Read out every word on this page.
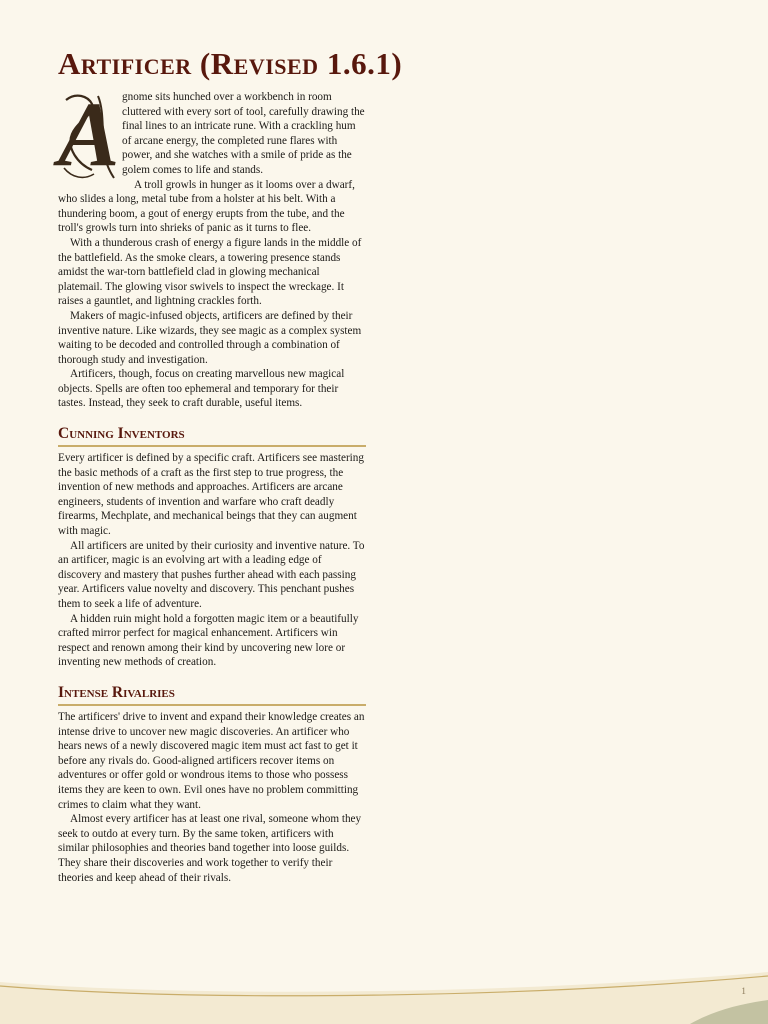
Artificer (Revised 1.6.1)
A gnome sits hunched over a workbench in room cluttered with every sort of tool, carefully drawing the final lines to an intricate rune. With a crackling hum of arcane energy, the completed rune flares with power, and she watches with a smile of pride as the golem comes to life and stands.

A troll growls in hunger as it looms over a dwarf, who slides a long, metal tube from a holster at his belt. With a thundering boom, a gout of energy erupts from the tube, and the troll's growls turn into shrieks of panic as it turns to flee.

With a thunderous crash of energy a figure lands in the middle of the battlefield. As the smoke clears, a towering presence stands amidst the war-torn battlefield clad in glowing mechanical platemail. The glowing visor swivels to inspect the wreckage. It raises a gauntlet, and lightning crackles forth.

Makers of magic-infused objects, artificers are defined by their inventive nature. Like wizards, they see magic as a complex system waiting to be decoded and controlled through a combination of thorough study and investigation.

Artificers, though, focus on creating marvellous new magical objects. Spells are often too ephemeral and temporary for their tastes. Instead, they seek to craft durable, useful items.

Cunning Inventors

Every artificer is defined by a specific craft. Artificers see mastering the basic methods of a craft as the first step to true progress, the invention of new methods and approaches. Artificers are arcane engineers, students of invention and warfare who craft deadly firearms, Mechplate, and mechanical beings that they can augment with magic.

All artificers are united by their curiosity and inventive nature. To an artificer, magic is an evolving art with a leading edge of discovery and mastery that pushes further ahead with each passing year. Artificers value novelty and discovery. This penchant pushes them to seek a life of adventure.

A hidden ruin might hold a forgotten magic item or a beautifully crafted mirror perfect for magical enhancement. Artificers win respect and renown among their kind by uncovering new lore or inventing new methods of creation.

Intense Rivalries

The artificers' drive to invent and expand their knowledge creates an intense drive to uncover new magic discoveries. An artificer who hears news of a newly discovered magic item must act fast to get it before any rivals do. Good-aligned artificers recover items on adventures or offer gold or wondrous items to those who possess items they are keen to own. Evil ones have no problem committing crimes to claim what they want.

Almost every artificer has at least one rival, someone whom they seek to outdo at every turn. By the same token, artificers with similar philosophies and theories band together into loose guilds. They share their discoveries and work together to verify their theories and keep ahead of their rivals.

1
